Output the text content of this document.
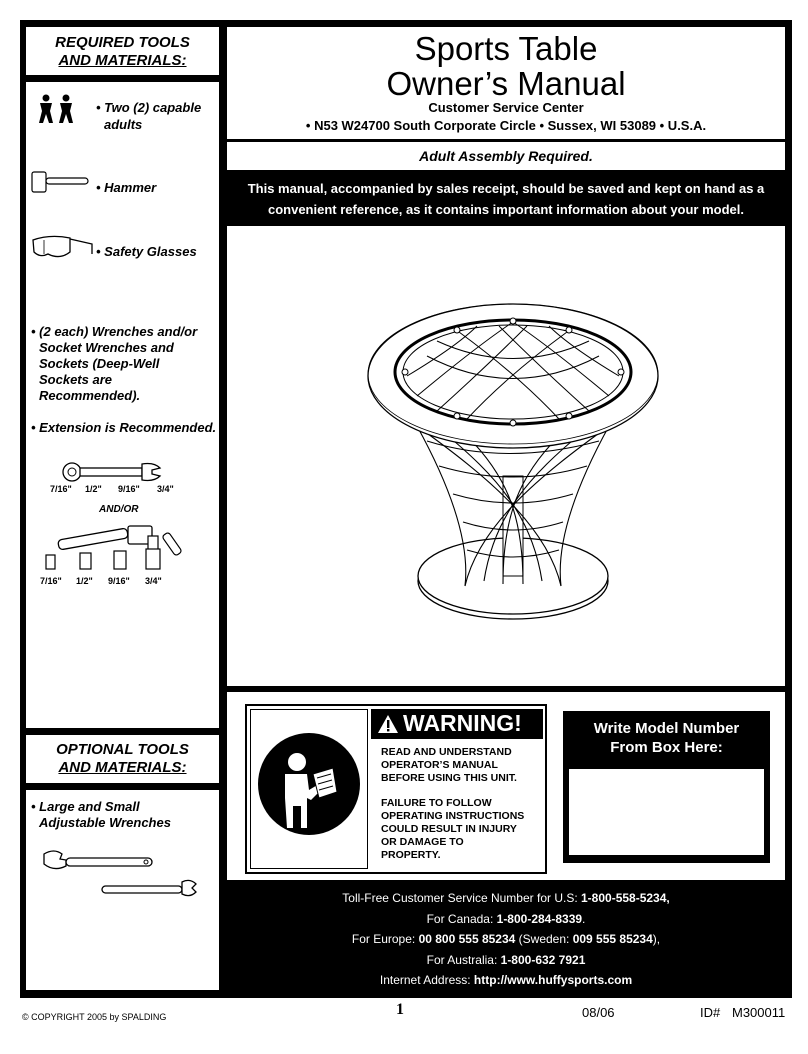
REQUIRED TOOLS
AND MATERIALS:
• Two (2) capable
adults
• Hammer
• Safety Glasses
• (2 each) Wrenches and/or
Socket Wrenches and
Sockets (Deep-Well
Sockets are
Recommended).
• Extension is Recommended.
7/16" 1/2" 9/16" 3/4"
AND/OR
7/16" 1/2" 9/16" 3/4"
OPTIONAL TOOLS
AND MATERIALS:
• Large and Small
Adjustable Wrenches
Sports Table
Owner’s Manual
Customer Service Center
• N53 W24700 South Corporate Circle • Sussex, WI 53089 • U.S.A.
Adult Assembly Required.
This manual, accompanied by sales receipt, should be saved and kept on hand as a
convenient reference, as it contains important information about your model.
WARNING!
READ AND UNDERSTAND
OPERATOR’S MANUAL
BEFORE USING THIS UNIT.
FAILURE TO FOLLOW
OPERATING INSTRUCTIONS
COULD RESULT IN INJURY
OR DAMAGE TO
PROPERTY.
Write Model Number
From Box Here:
Toll-Free Customer Service Number for U.S: 1-800-558-5234,
For Canada: 1-800-284-8339.
For Europe: 00 800 555 85234 (Sweden: 009 555 85234),
For Australia: 1-800-632 7921
Internet Address: http://www.huffysports.com
© COPYRIGHT 2005 by SPALDING	1	08/06	ID# M300011
